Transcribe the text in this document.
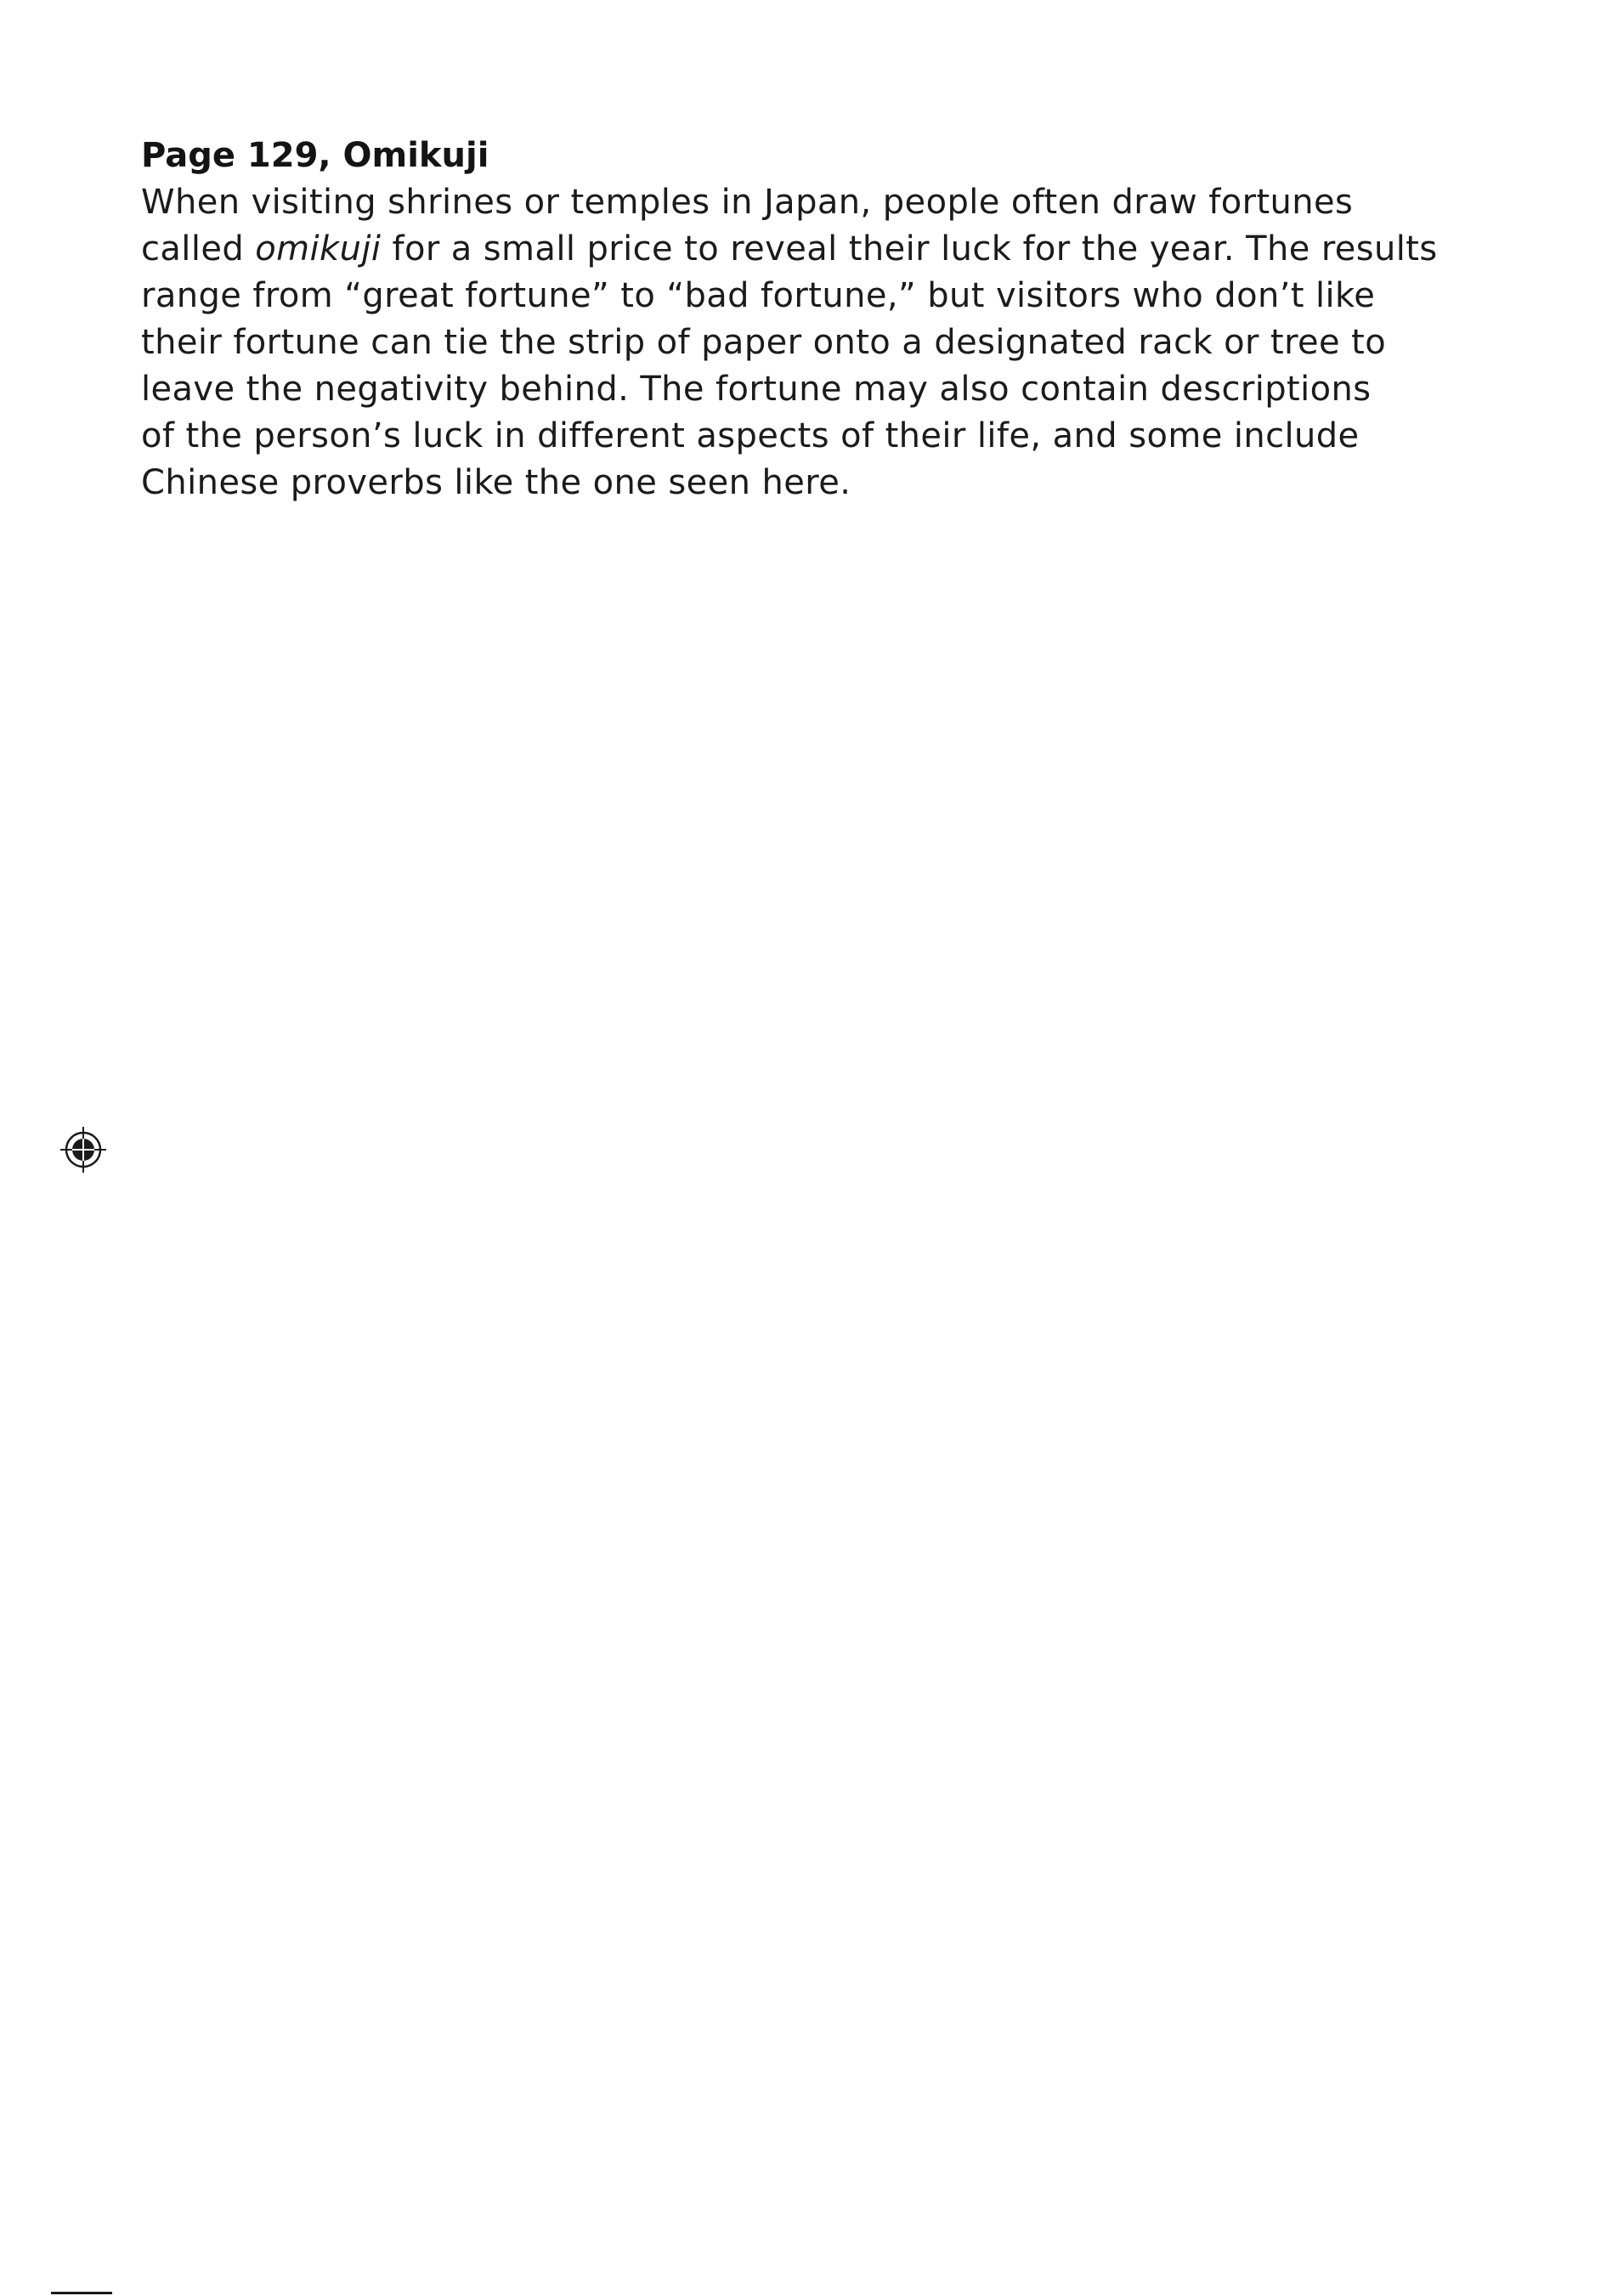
Page 129, Omikuji

When visiting shrines or temples in Japan, people often draw fortunes
called omikuji for a small price to reveal their luck for the year. The results
range from “great fortune” to “bad fortune,” but visitors who don’t like
their fortune can tie the strip of paper onto a designated rack or tree to
leave the negativity behind. The fortune may also contain descriptions
of the person’s luck in different aspects of their life, and some include
Chinese proverbs like the one seen here.
